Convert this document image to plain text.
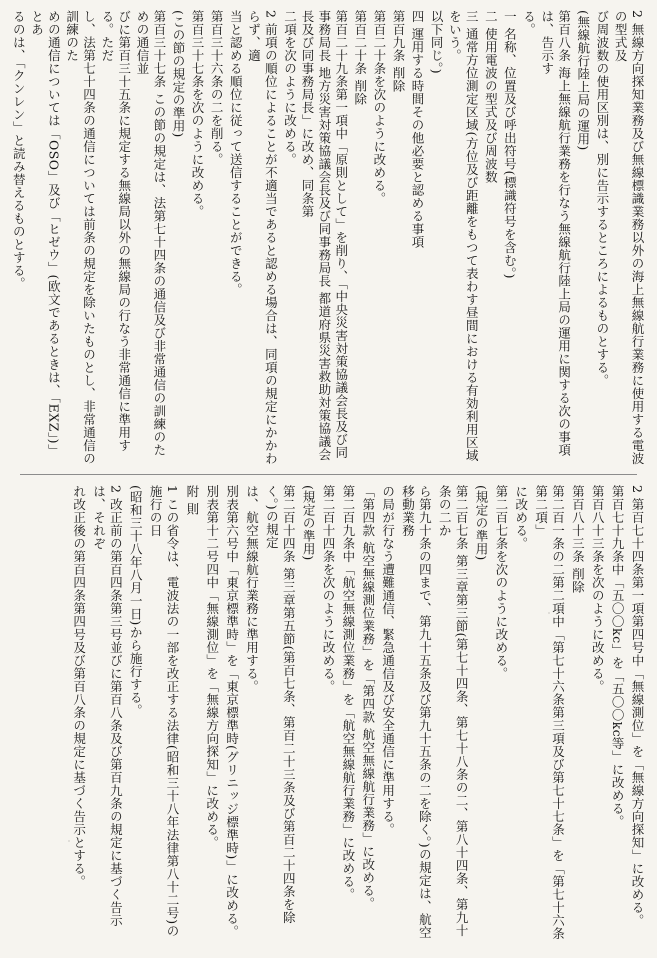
2 無線方向探知業務及び無線標識業務以外の海上無線航行業務に使用する電波の型式及
び周波数の使用区別は、別に告示するところによるものとする。
(無線航行陸上局の運用)
第百八条 海上無線航行業務を行なう無線航行陸上局の運用に関する次の事項は、告示す
る。
一 名称、位置及び呼出符号(標識符号を含む。)
二 使用電波の型式及び周波数
三 通常方位測定区域(方位及び距離をもつて表わす昼間における有効利用区域をいう。
以下同じ。)
四 運用する時間その他必要と認める事項
第百九条 削除
第百二十条を次のように改める。
第百二十条 削除
第百二十九条第一項中「原則として」を削り、「中央災害対策協議会長及び同事務局長 地方災害対策協議会長及び同事務局長 都道府県災害救助対策協議会長及び同事務局長」に改め、同条第
二項を次のように改める。
2 前項の順位によることが不適当であると認める場合は、同項の規定にかかわらず、適
当と認める順位に従って送信することができる。
第百三十六条の二を削る。
第百三十七条を次のように改める。
(この節の規定の準用)
第百三十七条 この節の規定は、法第七十四条の通信及び非常通信の訓練のための通信並
びに第百三十五条に規定する無線局以外の無線局の行なう非常通信に準用する。ただ
し、法第七十四条の通信については前条の規定を除いたものとし、非常通信の訓練のた
めの通信については「OSO」及び「ヒゼウ」(欧文であるときは、「EXZ」)」とあ
るのは、「クンレン」と読み替えるものとする。
2 第百七十四条第一項第四号中「無線測位」を「無線方向探知」に改める。
第百七十九条中「五〇〇kc」を「五〇〇kc等」に改める。
第百八十三条を次のように改める。
第百八十三条 削除
第二百一条の二第二項中「第七十六条第三項及び第七十七条」を「第七十六条第二項」
に改める。
第二百七条を次のように改める。
(規定の準用)
第二百七条 第三章第三節(第七十四条、第七十八条の二、第八十四条、第九十条の二か
ら第九十条の四まで、第九十五条及び第九十五条の二を除く。)の規定は、航空移動業務
の局が行なう遭難通信、緊急通信及び安全通信に準用する。
「第四款 航空無線測位業務」を「第四款 航空無線航行業務」に改める。
第二百九条中「航空無線測位業務」を「航空無線航行業務」に改める。
第二百十四条を次のように改める。
(規定の準用)
第二百十四条 第三章第五節(第百七条、第百二十三条及び第百二十四条を除く。)の規定
は、航空無線航行業務に準用する。
別表第六号中「東京標準時」を「東京標準時(グリニッジ標準時)」に改める。
別表第十二号四中「無線測位」を「無線方向探知」に改める。
附 則
1 この省令は、電波法の一部を改正する法律(昭和三十八年法律第八十二号)の施行の日
(昭和三十八年八月一日)から施行する。
2 改正前の第百四条第三号並びに第百八条及び第百九条の規定に基づく告示は、それぞ
れ改正後の第百四条第四号及び第百八条の規定に基づく告示とする。
